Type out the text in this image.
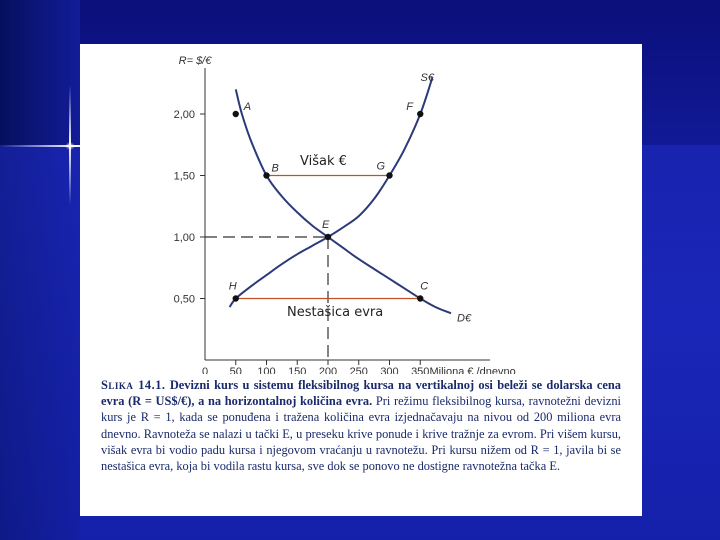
0,50
1,00
1,50
2,00
0 50 100 150 200 250 300 350
R= $/€
Miliona € /dnevno
S€
D€
A	F
B	G
E
H	C
Višak €
Nestašica evra
Slika 14.1. Devizni kurs u sistemu fleksibilnog kursa na vertikalnoj osi beleži se dolarska cena evra (R = US$/€), a na horizontalnoj količina evra. Pri režimu fleksibilnog kursa, ravnotežni devizni kurs je R = 1, kada se ponuđena i tražena količina evra izjednačavaju na nivou od 200 miliona evra dnevno. Ravnoteža se nalazi u tački E, u preseku krive ponude i krive tražnje za evrom. Pri višem kursu, višak evra bi vodio padu kursa i njegovom vraćanju u ravnotežu. Pri kursu nižem od R = 1, javila bi se nestašica evra, koja bi vodila rastu kursa, sve dok se ponovo ne dostigne ravnotežna tačka E.
